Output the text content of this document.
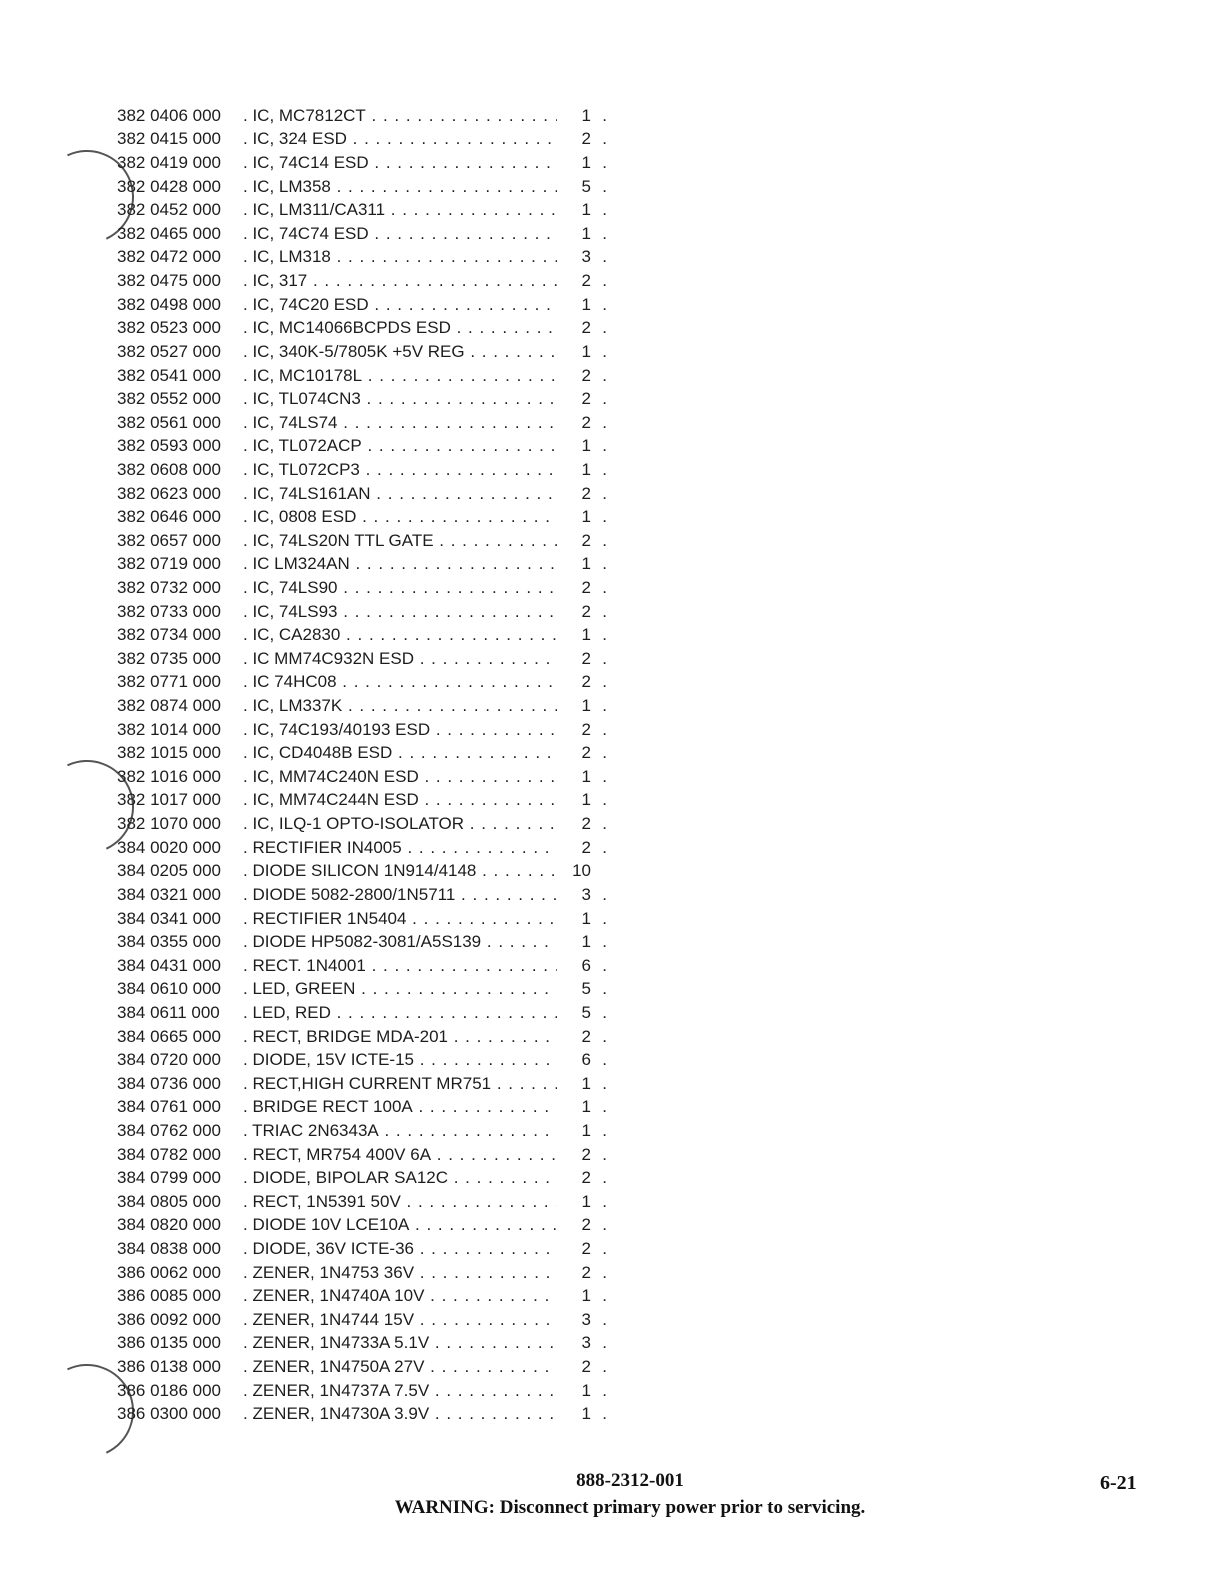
382 0406 000	. IC, MC7812CT . . .	1 .
382 0415 000	. IC, 324 ESD . . .	2 .
382 0419 000	. IC, 74C14 ESD . . .	1 .
382 0428 000	. IC, LM358 . . .	5 .
382 0452 000	. IC, LM311/CA311 . . .	1 .
382 0465 000	. IC, 74C74 ESD . . .	1 .
382 0472 000	. IC, LM318 . . .	3 .
382 0475 000	. IC, 317 . . .	2 .
382 0498 000	. IC, 74C20 ESD . . .	1 .
382 0523 000	. IC, MC14066BCPDS ESD . . .	2 .
382 0527 000	. IC, 340K-5/7805K +5V REG . . .	1 .
382 0541 000	. IC, MC10178L . . .	2 .
382 0552 000	. IC, TL074CN3 . . .	2 .
382 0561 000	. IC, 74LS74 . . .	2 .
382 0593 000	. IC, TL072ACP . . .	1 .
382 0608 000	. IC, TL072CP3 . . .	1 .
382 0623 000	. IC, 74LS161AN . . .	2 .
382 0646 000	. IC, 0808 ESD . . .	1 .
382 0657 000	. IC, 74LS20N TTL GATE . . .	2 .
382 0719 000	. IC LM324AN . . .	1 .
382 0732 000	. IC, 74LS90 . . .	2 .
382 0733 000	. IC, 74LS93 . . .	2 .
382 0734 000	. IC, CA2830 . . .	1 .
382 0735 000	. IC MM74C932N ESD . . .	2 .
382 0771 000	. IC 74HC08 . . .	2 .
382 0874 000	. IC, LM337K . . .	1 .
382 1014 000	. IC, 74C193/40193 ESD . . .	2 .
382 1015 000	. IC, CD4048B ESD . . .	2 .
382 1016 000	. IC, MM74C240N ESD . . .	1 .
382 1017 000	. IC, MM74C244N ESD . . .	1 .
382 1070 000	. IC, ILQ-1 OPTO-ISOLATOR . . .	2 .
384 0020 000	. RECTIFIER IN4005 . . .	2 .
384 0205 000	. DIODE SILICON 1N914/4148 . . .	10
384 0321 000	. DIODE 5082-2800/1N5711 . . .	3 .
384 0341 000	. RECTIFIER 1N5404 . . .	1 .
384 0355 000	. DIODE HP5082-3081/A5S139 . . .	1 .
384 0431 000	. RECT. 1N4001 . . .	6 .
384 0610 000	. LED, GREEN . . .	5 .
384 0611 000	. LED, RED . . .	5 .
384 0665 000	. RECT, BRIDGE MDA-201 . . .	2 .
384 0720 000	. DIODE, 15V ICTE-15 . . .	6 .
384 0736 000	. RECT,HIGH CURRENT MR751 . . .	1 .
384 0761 000	. BRIDGE RECT 100A . . .	1 .
384 0762 000	. TRIAC 2N6343A . . .	1 .
384 0782 000	. RECT, MR754 400V 6A . . .	2 .
384 0799 000	. DIODE, BIPOLAR SA12C . . .	2 .
384 0805 000	. RECT, 1N5391 50V . . .	1 .
384 0820 000	. DIODE 10V LCE10A . . .	2 .
384 0838 000	. DIODE, 36V ICTE-36 . . .	2 .
386 0062 000	. ZENER, 1N4753 36V . . .	2 .
386 0085 000	. ZENER, 1N4740A 10V . . .	1 .
386 0092 000	. ZENER, 1N4744 15V . . .	3 .
386 0135 000	. ZENER, 1N4733A 5.1V . . .	3 .
386 0138 000	. ZENER, 1N4750A 27V . . .	2 .
386 0186 000	. ZENER, 1N4737A 7.5V . . .	1 .
386 0300 000	. ZENER, 1N4730A 3.9V . . .	1 .
888-2312-001
WARNING: Disconnect primary power prior to servicing.
6-21
